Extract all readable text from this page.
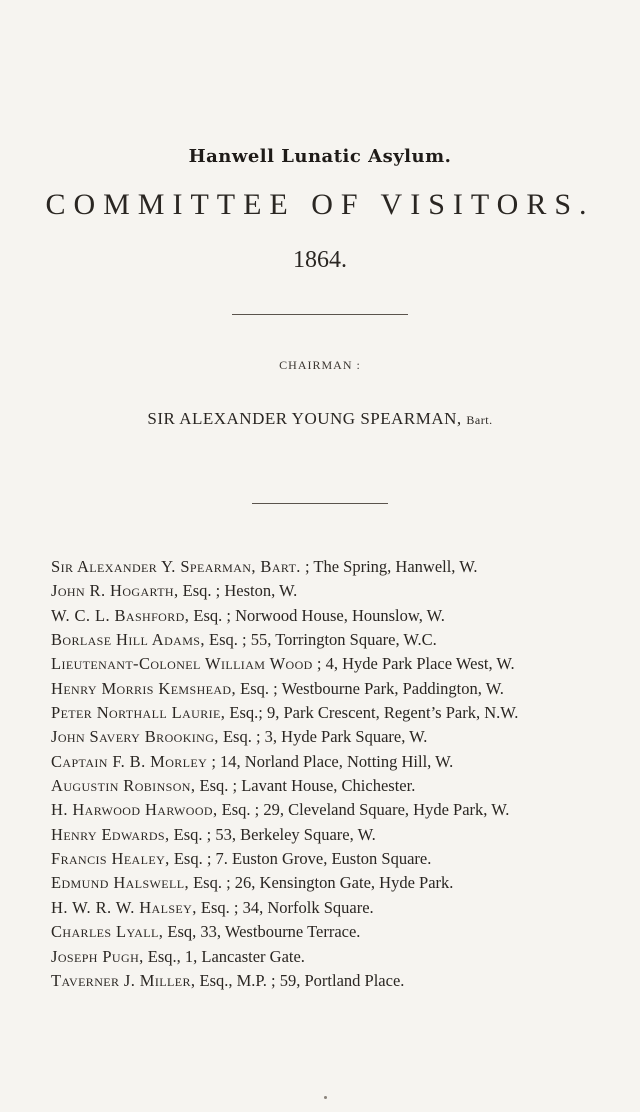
Hanwell Lunatic Asylum.
COMMITTEE OF VISITORS.
1864.
CHAIRMAN :
SIR ALEXANDER YOUNG SPEARMAN, Bart.
Sir Alexander Y. Spearman, Bart. ; The Spring, Hanwell, W.
John R. Hogarth, Esq. ; Heston, W.
W. C. L. Bashford, Esq. ; Norwood House, Hounslow, W.
Borlase Hill Adams, Esq. ; 55, Torrington Square, W.C.
Lieutenant-Colonel William Wood ; 4, Hyde Park Place West, W.
Henry Morris Kemshead, Esq. ; Westbourne Park, Paddington, W.
Peter Northall Laurie, Esq.; 9, Park Crescent, Regent’s Park, N.W.
John Savery Brooking, Esq. ; 3, Hyde Park Square, W.
Captain F. B. Morley ; 14, Norland Place, Notting Hill, W.
Augustin Robinson, Esq. ; Lavant House, Chichester.
H. Harwood Harwood, Esq. ; 29, Cleveland Square, Hyde Park, W.
Henry Edwards, Esq. ; 53, Berkeley Square, W.
Francis Healey, Esq. ; 7. Euston Grove, Euston Square.
Edmund Halswell, Esq. ; 26, Kensington Gate, Hyde Park.
H. W. R. W. Halsey, Esq. ; 34, Norfolk Square.
Charles Lyall, Esq, 33, Westbourne Terrace.
Joseph Pugh, Esq., 1, Lancaster Gate.
Taverner J. Miller, Esq., M.P. ; 59, Portland Place.
